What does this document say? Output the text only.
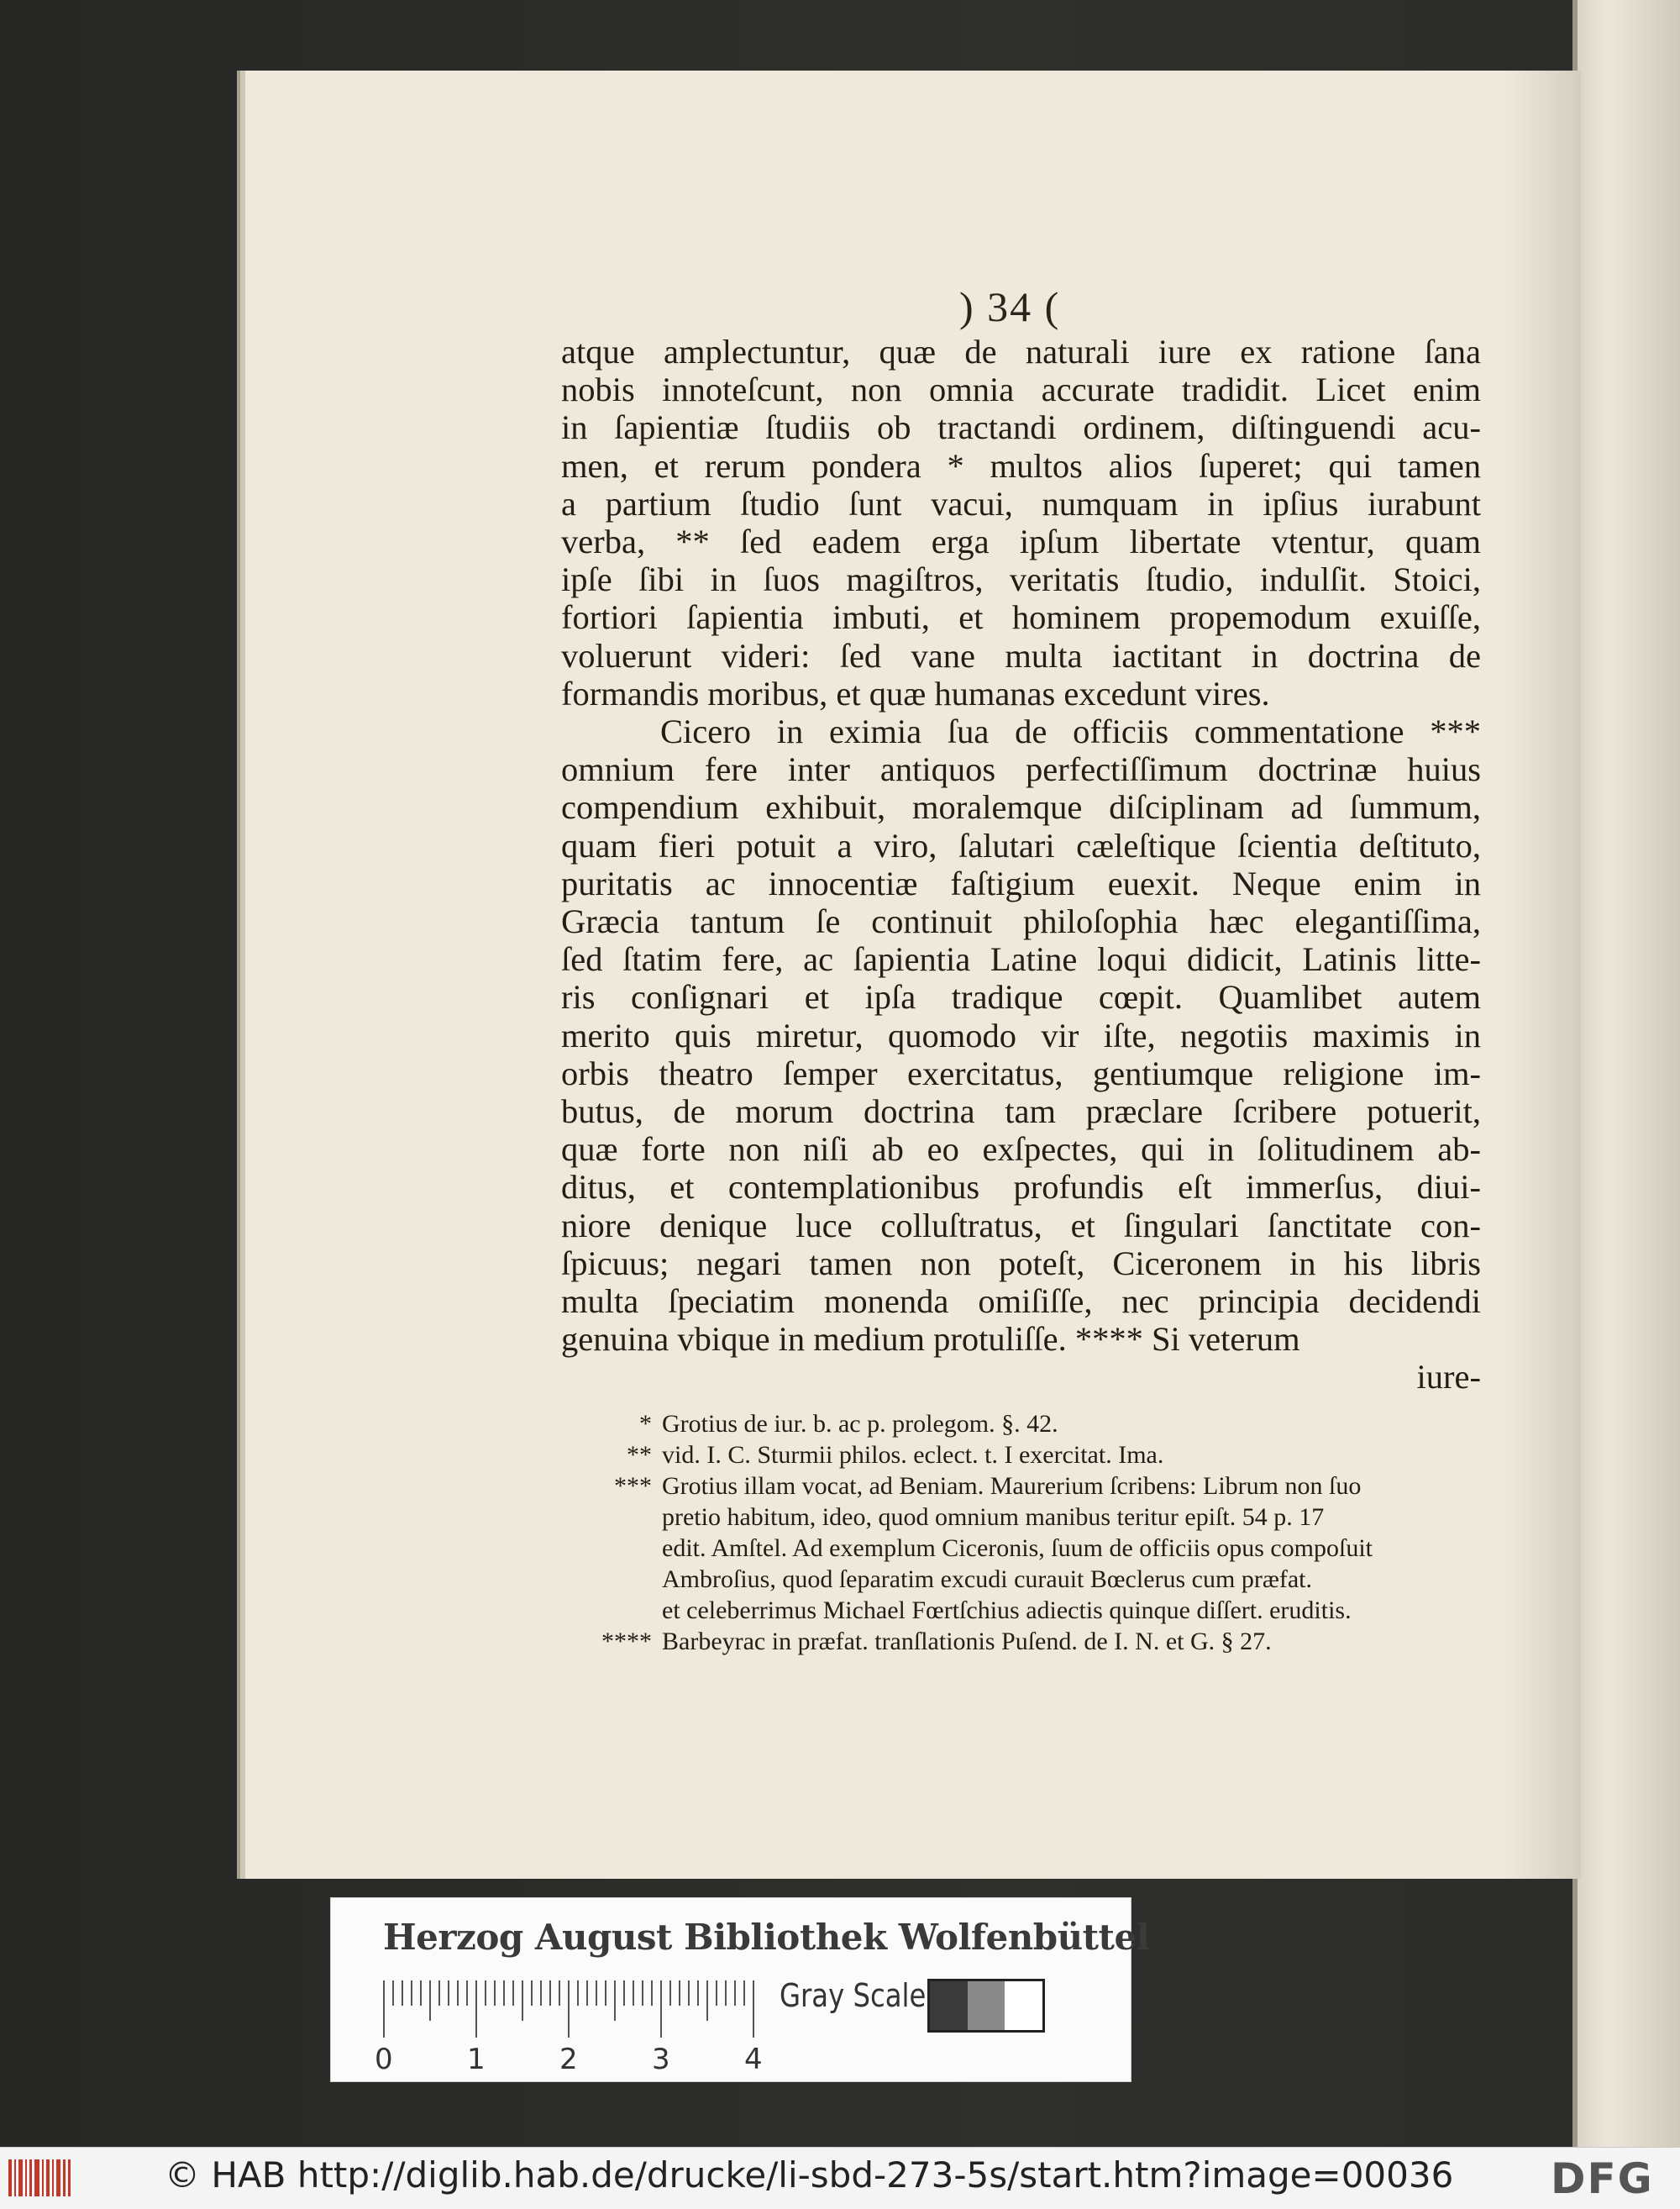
) 34 (
atque amplectuntur, quæ de naturali iure ex ratione ſana
nobis innoteſcunt, non omnia accurate tradidit. Licet enim
in ſapientiæ ſtudiis ob tractandi ordinem, diſtinguendi acu-
men, et rerum pondera * multos alios ſuperet; qui tamen
a partium ſtudio ſunt vacui, numquam in ipſius iurabunt
verba, ** ſed eadem erga ipſum libertate vtentur, quam
ipſe ſibi in ſuos magiſtros, veritatis ſtudio, indulſit. Stoici,
fortiori ſapientia imbuti, et hominem propemodum exuiſſe,
voluerunt videri: ſed vane multa iactitant in doctrina de
formandis moribus, et quæ humanas excedunt vires.
Cicero in eximia ſua de officiis commentatione ***
omnium fere inter antiquos perfectiſſimum doctrinæ huius
compendium exhibuit, moralemque diſciplinam ad ſummum,
quam fieri potuit a viro, ſalutari cæleſtique ſcientia deſtituto,
puritatis ac innocentiæ faſtigium euexit. Neque enim in
Græcia tantum ſe continuit philoſophia hæc elegantiſſima,
ſed ſtatim fere, ac ſapientia Latine loqui didicit, Latinis litte-
ris conſignari et ipſa tradique cœpit. Quamlibet autem
merito quis miretur, quomodo vir iſte, negotiis maximis in
orbis theatro ſemper exercitatus, gentiumque religione im-
butus, de morum doctrina tam præclare ſcribere potuerit,
quæ forte non niſi ab eo exſpectes, qui in ſolitudinem ab-
ditus, et contemplationibus profundis eſt immerſus, diui-
niore denique luce colluſtratus, et ſingulari ſanctitate con-
ſpicuus; negari tamen non poteſt, Ciceronem in his libris
multa ſpeciatim monenda omiſiſſe, nec principia decidendi
genuina vbique in medium protuliſſe. **** Si veterum
iure-
* Grotius de iur. b. ac p. prolegom. §. 42.
** vid. I. C. Sturmii philos. eclect. t. I exercitat. Ima.
*** Grotius illam vocat, ad Beniam. Maurerium ſcribens: Librum non ſuo
pretio habitum, ideo, quod omnium manibus teritur epiſt. 54 p. 17
edit. Amſtel. Ad exemplum Ciceronis, ſuum de officiis opus compoſuit
Ambroſius, quod ſeparatim excudi curauit Bœclerus cum præfat.
et celeberrimus Michael Fœrtſchius adiectis quinque diſſert. eruditis.
**** Barbeyrac in præfat. tranſlationis Puſend. de I. N. et G. § 27.
Herzog August Bibliothek Wolfenbüttel
0	1	2	3	4
Gray Scale
© HAB http://diglib.hab.de/drucke/li-sbd-273-5s/start.htm?image=00036 DFG
